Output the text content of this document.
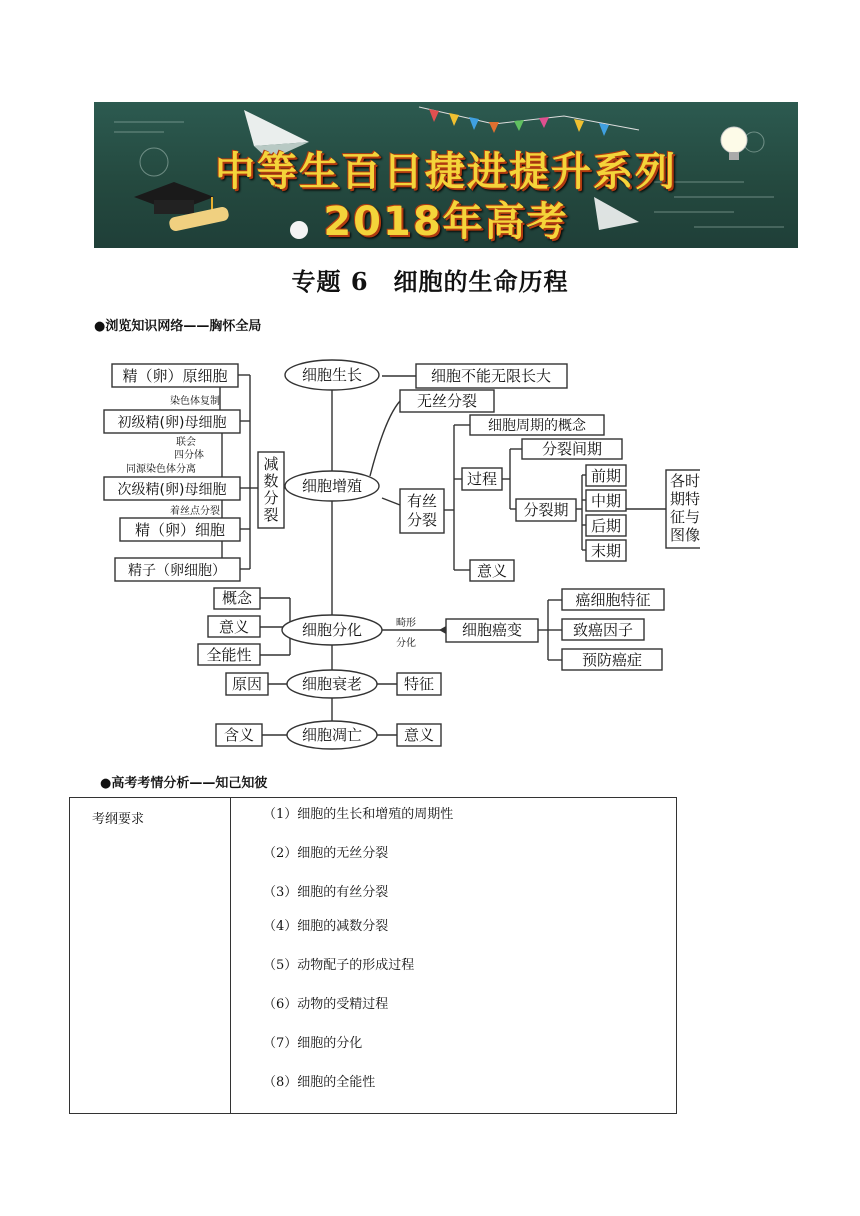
中等生百日捷进提升系列
2018年高考
专题 6　细胞的生命历程
●浏览知识网络——胸怀全局
精（卵）原细胞
初级精(卵)母细胞
次级精(卵)母细胞
精（卵）细胞
精子（卵细胞）
细胞生长	细胞不能无限长大
无丝分裂
细胞增殖
细胞周期的概念
过程
分裂间期
分裂期
前期
中期
后期
末期
意义
概念
意义
全能性
细胞分化	细胞癌变
癌细胞特征
致癌因子
预防癌症
原因	细胞衰老	特征
含义	细胞凋亡	意义
染色体复制
联会
四分体
同源染色体分离
着丝点分裂
畸形
分化
减数分裂
有丝分裂
各时期特征与图像
●高考考情分析——知己知彼
考纲要求	（1）细胞的生长和增殖的周期性
（2）细胞的无丝分裂
（3）细胞的有丝分裂
（4）细胞的减数分裂
（5）动物配子的形成过程
（6）动物的受精过程
（7）细胞的分化
（8）细胞的全能性
